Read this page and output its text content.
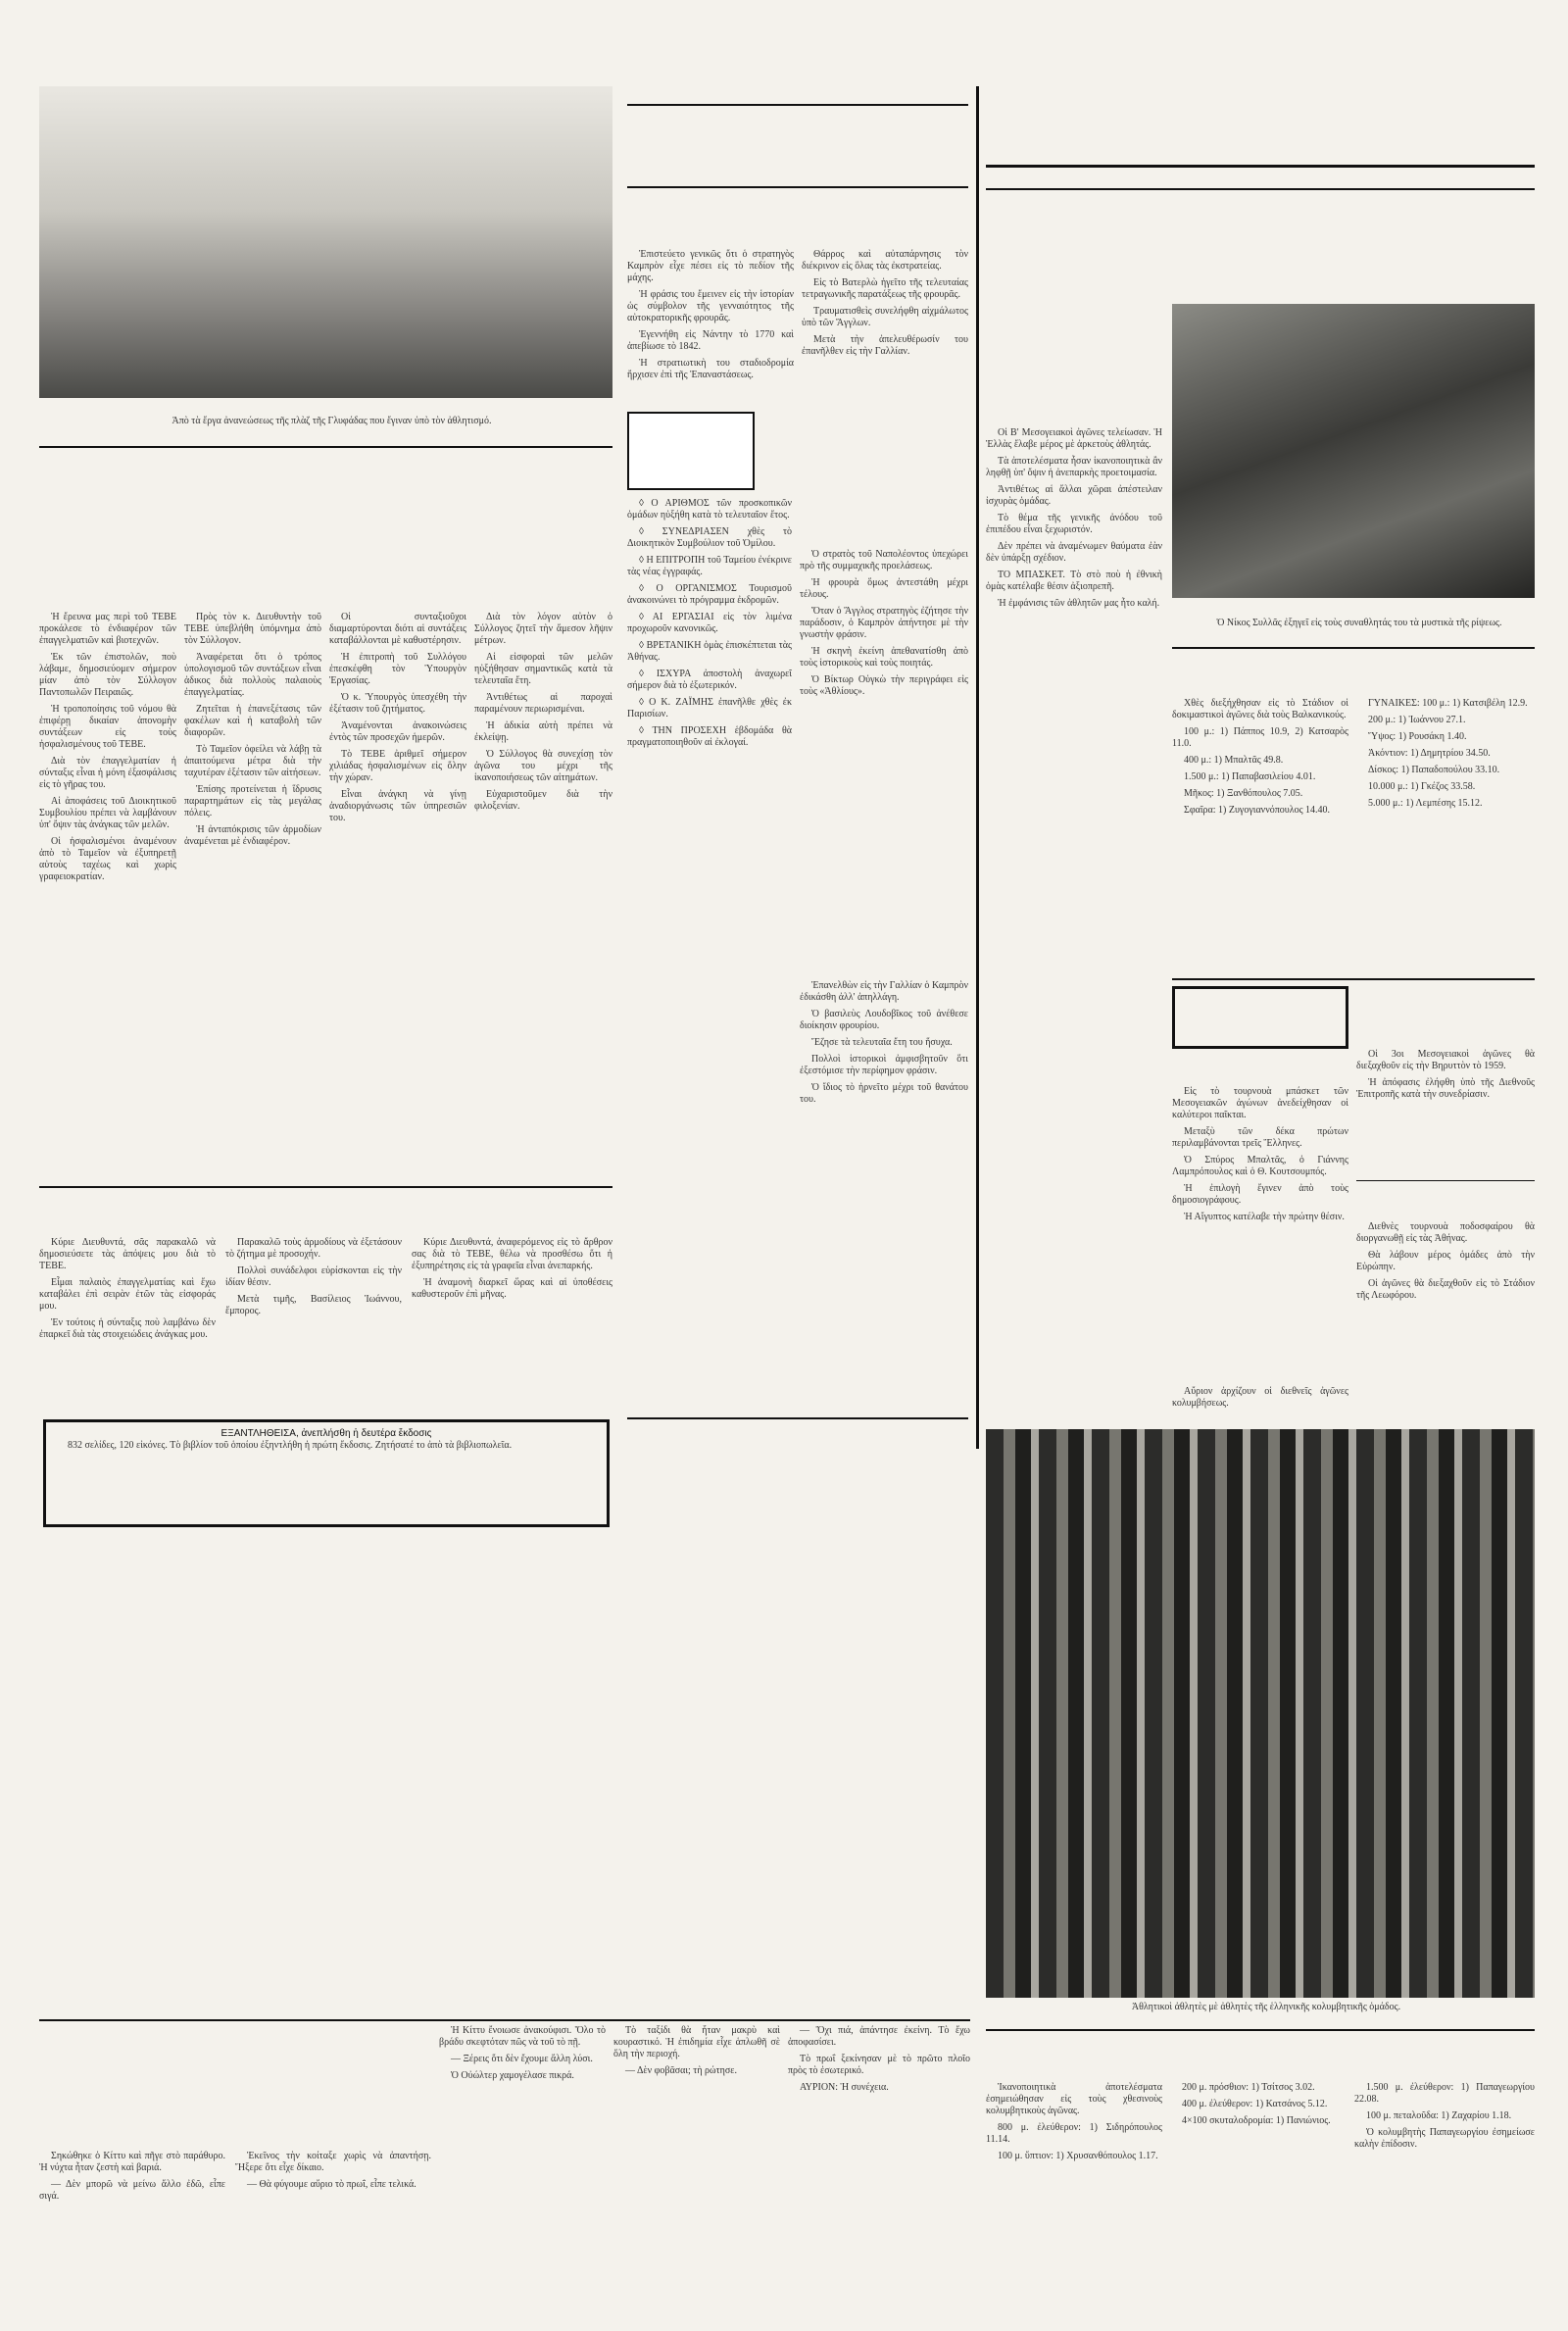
Ἀπὸ τὰ ἔργα ἀνανεώσεως τῆς πλὰζ τῆς Γλυφάδας που ἔγιναν ὑπὸ τὸν ἀθλητισμό.

Ἡ ἔρευνα μας περὶ τοῦ ΤΕΒΕ προκάλεσε τὸ ἐνδιαφέρον τῶν ἐπαγγελματιῶν καὶ βιοτεχνῶν.

Ἐκ τῶν ἐπιστολῶν, ποὺ λάβαμε, δημοσιεύομεν σήμερον μίαν ἀπὸ τὸν Σύλλογον Παντοπωλῶν Πειραιῶς.

Ἡ τροποποίησις τοῦ νόμου θὰ ἐπιφέρῃ δικαίαν ἀπονομὴν συντάξεων εἰς τοὺς ἠσφαλισμένους τοῦ ΤΕΒΕ.

Διὰ τὸν ἐπαγγελματίαν ἡ σύνταξις εἶναι ἡ μόνη ἐξασφάλισις εἰς τὸ γῆρας του.

Αἱ ἀποφάσεις τοῦ Διοικητικοῦ Συμβουλίου πρέπει νὰ λαμβάνουν ὑπ' ὄψιν τὰς ἀνάγκας τῶν μελῶν.

Οἱ ἠσφαλισμένοι ἀναμένουν ἀπὸ τὸ Ταμεῖον νὰ ἐξυπηρετῇ αὐτοὺς ταχέως καὶ χωρὶς γραφειοκρατίαν.

Πρὸς τὸν κ. Διευθυντὴν τοῦ ΤΕΒΕ ὑπεβλήθη ὑπόμνημα ἀπὸ τὸν Σύλλογον.

Ἀναφέρεται ὅτι ὁ τρόπος ὑπολογισμοῦ τῶν συντάξεων εἶναι ἀδικος διὰ πολλοὺς παλαιοὺς ἐπαγγελματίας.

Ζητεῖται ἡ ἐπανεξέτασις τῶν φακέλων καὶ ἡ καταβολὴ τῶν διαφορῶν.

Τὸ Ταμεῖον ὀφείλει νὰ λάβῃ τὰ ἀπαιτούμενα μέτρα διὰ τὴν ταχυτέραν ἐξέτασιν τῶν αἰτήσεων.

Ἐπίσης προτείνεται ἡ ἵδρυσις παραρτημάτων εἰς τὰς μεγάλας πόλεις.

Ἡ ἀνταπόκρισις τῶν ἁρμοδίων ἀναμένεται μὲ ἐνδιαφέρον.

Οἱ συνταξιοῦχοι διαμαρτύρονται διότι αἱ συντάξεις καταβάλλονται μὲ καθυστέρησιν.

Ἡ ἐπιτροπὴ τοῦ Συλλόγου ἐπεσκέφθη τὸν Ὑπουργὸν Ἐργασίας.

Ὁ κ. Ὑπουργὸς ὑπεσχέθη τὴν ἐξέτασιν τοῦ ζητήματος.

Ἀναμένονται ἀνακοινώσεις ἐντὸς τῶν προσεχῶν ἡμερῶν.

Τὸ ΤΕΒΕ ἀριθμεῖ σήμερον χιλιάδας ἠσφαλισμένων εἰς ὅλην τὴν χώραν.

Εἶναι ἀνάγκη νὰ γίνῃ ἀναδιοργάνωσις τῶν ὑπηρεσιῶν του.

Διὰ τὸν λόγον αὐτὸν ὁ Σύλλογος ζητεῖ τὴν ἄμεσον λῆψιν μέτρων.

Αἱ εἰσφοραὶ τῶν μελῶν ηὐξήθησαν σημαντικῶς κατὰ τὰ τελευταῖα ἔτη.

Ἀντιθέτως αἱ παροχαὶ παραμένουν περιωρισμέναι.

Ἡ ἀδικία αὐτὴ πρέπει νὰ ἐκλείψῃ.

Ὁ Σύλλογος θὰ συνεχίσῃ τὸν ἀγῶνα του μέχρι τῆς ἱκανοποιήσεως τῶν αἰτημάτων.

Εὐχαριστοῦμεν διὰ τὴν φιλοξενίαν.

Κύριε Διευθυντά, σᾶς παρακαλῶ νὰ δημοσιεύσετε τὰς ἀπόψεις μου διὰ τὸ ΤΕΒΕ.

Εἶμαι παλαιὸς ἐπαγγελματίας καὶ ἔχω καταβάλει ἐπὶ σειρὰν ἐτῶν τὰς εἰσφοράς μου.

Ἐν τούτοις ἡ σύνταξις ποὺ λαμβάνω δὲν ἐπαρκεῖ διὰ τὰς στοιχειώδεις ἀνάγκας μου.

Παρακαλῶ τοὺς ἁρμοδίους νὰ ἐξετάσουν τὸ ζήτημα μὲ προσοχήν.

Πολλοὶ συνάδελφοι εὑρίσκονται εἰς τὴν ἰδίαν θέσιν.

Μετὰ τιμῆς, Βασίλειος Ἰωάννου, ἔμπορος.

Κύριε Διευθυντά, ἀναφερόμενος εἰς τὸ ἄρθρον σας διὰ τὸ ΤΕΒΕ, θέλω νὰ προσθέσω ὅτι ἡ ἐξυπηρέτησις εἰς τὰ γραφεῖα εἶναι ἀνεπαρκής.

Ἡ ἀναμονὴ διαρκεῖ ὥρας καὶ αἱ ὑποθέσεις καθυστεροῦν ἐπὶ μῆνας.

ΕΞΑΝΤΛΗΘΕΙΣΑ, ἀνεπλήσθη ἡ δευτέρα ἔκδοσις

832 σελίδες, 120 εἰκόνες. Τὸ βιβλίον τοῦ ὁποίου ἐξηντλήθη ἡ πρώτη ἔκδοσις. Ζητήσατέ το ἀπὸ τὰ βιβλιοπωλεῖα.

Ἐπιστεύετο γενικῶς ὅτι ὁ στρατηγὸς Καμπρὸν εἶχε πέσει εἰς τὸ πεδίον τῆς μάχης.

Ἡ φράσις του ἔμεινεν εἰς τὴν ἱστορίαν ὡς σύμβολον τῆς γενναιότητος τῆς αὐτοκρατορικῆς φρουρᾶς.

Ἐγεννήθη εἰς Νάντην τὸ 1770 καὶ ἀπεβίωσε τὸ 1842.

Ἡ στρατιωτικὴ του σταδιοδρομία ἤρχισεν ἐπὶ τῆς Ἐπαναστάσεως.

Θάρρος καὶ αὐταπάρνησις τὸν διέκρινον εἰς ὅλας τὰς ἐκστρατείας.

Εἰς τὸ Βατερλὼ ἡγεῖτο τῆς τελευταίας τετραγωνικῆς παρατάξεως τῆς φρουρᾶς.

Τραυματισθεὶς συνελήφθη αἰχμάλωτος ὑπὸ τῶν Ἄγγλων.

Μετὰ τὴν ἀπελευθέρωσίν του ἐπανῆλθεν εἰς τὴν Γαλλίαν.

◊ Ο ΑΡΙΘΜΟΣ τῶν προσκοπικῶν ὁμάδων ηὐξήθη κατὰ τὸ τελευταῖον ἔτος.

◊ ΣΥΝΕΔΡΙΑΣΕΝ χθὲς τὸ Διοικητικὸν Συμβούλιον τοῦ Ὁμίλου.

◊ Η ΕΠΙΤΡΟΠΗ τοῦ Ταμείου ἐνέκρινε τὰς νέας ἐγγραφάς.

◊ Ο ΟΡΓΑΝΙΣΜΟΣ Τουρισμοῦ ἀνακοινώνει τὸ πρόγραμμα ἐκδρομῶν.

◊ ΑΙ ΕΡΓΑΣΙΑΙ εἰς τὸν λιμένα προχωροῦν κανονικῶς.

◊ ΒΡΕΤΑΝΙΚΗ ὁμὰς ἐπισκέπτεται τὰς Ἀθήνας.

◊ ΙΣΧΥΡΑ ἀποστολὴ ἀναχωρεῖ σήμερον διὰ τὸ ἐξωτερικόν.

◊ Ο Κ. ΖΑΪΜΗΣ ἐπανῆλθε χθὲς ἐκ Παρισίων.

◊ ΤΗΝ ΠΡΟΣΕΧΗ ἑβδομάδα θὰ πραγματοποιηθοῦν αἱ ἐκλογαί.

Ὁ στρατὸς τοῦ Ναπολέοντος ὑπεχώρει πρὸ τῆς συμμαχικῆς προελάσεως.

Ἡ φρουρὰ ὅμως ἀντεστάθη μέχρι τέλους.

Ὅταν ὁ Ἄγγλος στρατηγὸς ἐζήτησε τὴν παράδοσιν, ὁ Καμπρὸν ἀπήντησε μὲ τὴν γνωστὴν φράσιν.

Ἡ σκηνὴ ἐκείνη ἀπεθανατίσθη ἀπὸ τοὺς ἱστορικοὺς καὶ τοὺς ποιητάς.

Ὁ Βίκτωρ Οὑγκὼ τὴν περιγράφει εἰς τοὺς «Ἀθλίους».

Ἐπανελθὼν εἰς τὴν Γαλλίαν ὁ Καμπρὸν ἐδικάσθη ἀλλ' ἀπηλλάγη.

Ὁ βασιλεὺς Λουδοβῖκος τοῦ ἀνέθεσε διοίκησιν φρουρίου.

Ἔζησε τὰ τελευταῖα ἔτη του ἥσυχα.

Πολλοὶ ἱστορικοὶ ἀμφισβητοῦν ὅτι ἐξεστόμισε τὴν περίφημον φράσιν.

Ὁ ἴδιος τὸ ἠρνεῖτο μέχρι τοῦ θανάτου του.

Οἱ Β' Μεσογειακοὶ ἀγῶνες τελείωσαν. Ἡ Ἑλλὰς ἔλαβε μέρος μὲ ἀρκετοὺς ἀθλητάς.

Τὰ ἀποτελέσματα ἦσαν ἱκανοποιητικὰ ἂν ληφθῇ ὑπ' ὄψιν ἡ ἀνεπαρκὴς προετοιμασία.

Ἀντιθέτως αἱ ἄλλαι χῶραι ἀπέστειλαν ἰσχυρὰς ὁμάδας.

Τὸ θέμα τῆς γενικῆς ἀνόδου τοῦ ἐπιπέδου εἶναι ξεχωριστόν.

Δὲν πρέπει νὰ ἀναμένωμεν θαύματα ἐὰν δὲν ὑπάρξῃ σχέδιον.

ΤΟ ΜΠΑΣΚΕΤ. Τὸ στὸ ποὺ ἡ ἐθνικὴ ὁμὰς κατέλαβε θέσιν ἀξιοπρεπῆ.

Ἡ ἐμφάνισις τῶν ἀθλητῶν μας ἦτο καλή.

Ὁ Νίκος Συλλᾶς ἐξηγεῖ εἰς τοὺς συναθλητάς του τὰ μυστικὰ τῆς ρίψεως.

Χθὲς διεξήχθησαν εἰς τὸ Στάδιον οἱ δοκιμαστικοὶ ἀγῶνες διὰ τοὺς Βαλκανικούς.

100 μ.: 1) Πάππος 10.9, 2) Κατσαρὸς 11.0.

400 μ.: 1) Μπαλτᾶς 49.8.

1.500 μ.: 1) Παπαβασιλείου 4.01.

Μῆκος: 1) Ξανθόπουλος 7.05.

Σφαῖρα: 1) Ζυγογιαννόπουλος 14.40.

ΓΥΝΑΙΚΕΣ: 100 μ.: 1) Κατσιβέλη 12.9.

200 μ.: 1) Ἰωάννου 27.1.

Ὕψος: 1) Ρουσάκη 1.40.

Ἀκόντιον: 1) Δημητρίου 34.50.

Δίσκος: 1) Παπαδοπούλου 33.10.

10.000 μ.: 1) Γκέζος 33.58.

5.000 μ.: 1) Λεμπέσης 15.12.

Εἰς τὸ τουρνουὰ μπάσκετ τῶν Μεσογειακῶν ἀγώνων ἀνεδείχθησαν οἱ καλύτεροι παῖκται.

Μεταξὺ τῶν δέκα πρώτων περιλαμβάνονται τρεῖς Ἕλληνες.

Ὁ Σπύρος Μπαλτᾶς, ὁ Γιάννης Λαμπρόπουλος καὶ ὁ Θ. Κουτσουμπός.

Ἡ ἐπιλογὴ ἔγινεν ἀπὸ τοὺς δημοσιογράφους.

Ἡ Αἴγυπτος κατέλαβε τὴν πρώτην θέσιν.

Οἱ 3οι Μεσογειακοὶ ἀγῶνες θὰ διεξαχθοῦν εἰς τὴν Βηρυττὸν τὸ 1959.

Ἡ ἀπόφασις ἐλήφθη ὑπὸ τῆς Διεθνοῦς Ἐπιτροπῆς κατὰ τὴν συνεδρίασιν.

Διεθνὲς τουρνουὰ ποδοσφαίρου θὰ διοργανωθῇ εἰς τὰς Ἀθήνας.

Θὰ λάβουν μέρος ὁμάδες ἀπὸ τὴν Εὐρώπην.

Οἱ ἀγῶνες θὰ διεξαχθοῦν εἰς τὸ Στάδιον τῆς Λεωφόρου.

Αὔριον ἀρχίζουν οἱ διεθνεῖς ἀγῶνες κολυμβήσεως.

Ἀθλητικοὶ ἀθλητὲς μὲ ἀθλητὲς τῆς ἑλληνικῆς κολυμβητικῆς ὁμάδος.

Ἱκανοποιητικὰ ἀποτελέσματα ἐσημειώθησαν εἰς τοὺς χθεσινοὺς κολυμβητικοὺς ἀγῶνας.

800 μ. ἐλεύθερον: 1) Σιδηρόπουλος 11.14.

100 μ. ὕπτιον: 1) Χρυσανθόπουλος 1.17.

200 μ. πρόσθιον: 1) Τσίτσος 3.02.

400 μ. ἐλεύθερον: 1) Κατσάνος 5.12.

4×100 σκυταλοδρομία: 1) Πανιώνιος.

1.500 μ. ἐλεύθερον: 1) Παπαγεωργίου 22.08.

100 μ. πεταλοῦδα: 1) Ζαχαρίου 1.18.

Ὁ κολυμβητὴς Παπαγεωργίου ἐσημείωσε καλὴν ἐπίδοσιν.

Σηκώθηκε ὁ Κίττυ καὶ πῆγε στὸ παράθυρο. Ἡ νύχτα ἦταν ζεστὴ καὶ βαριά.

— Δὲν μπορῶ νὰ μείνω ἄλλο ἐδῶ, εἶπε σιγά.

Ἐκεῖνος τὴν κοίταξε χωρὶς νὰ ἀπαντήσῃ. Ἤξερε ὅτι εἶχε δίκαιο.

— Θὰ φύγουμε αὔριο τὸ πρωΐ, εἶπε τελικά.

Ἡ Κίττυ ἔνοιωσε ἀνακούφισι. Ὅλο τὸ βράδυ σκεφτόταν πῶς νὰ τοῦ τὸ πῇ.

— Ξέρεις ὅτι δὲν ἔχουμε ἄλλη λύσι.

Ὁ Οὐώλτερ χαμογέλασε πικρά.

Τὸ ταξίδι θὰ ἦταν μακρὺ καὶ κουραστικό. Ἡ ἐπιδημία εἶχε ἁπλωθῆ σὲ ὅλη τὴν περιοχή.

— Δὲν φοβᾶσαι; τὴ ρώτησε.

— Ὄχι πιά, ἀπάντησε ἐκείνη. Τὸ ἔχω ἀποφασίσει.

Τὸ πρωΐ ξεκίνησαν μὲ τὸ πρῶτο πλοῖο πρὸς τὸ ἐσωτερικό.

ΑΥΡΙΟΝ: Ἡ συνέχεια.
